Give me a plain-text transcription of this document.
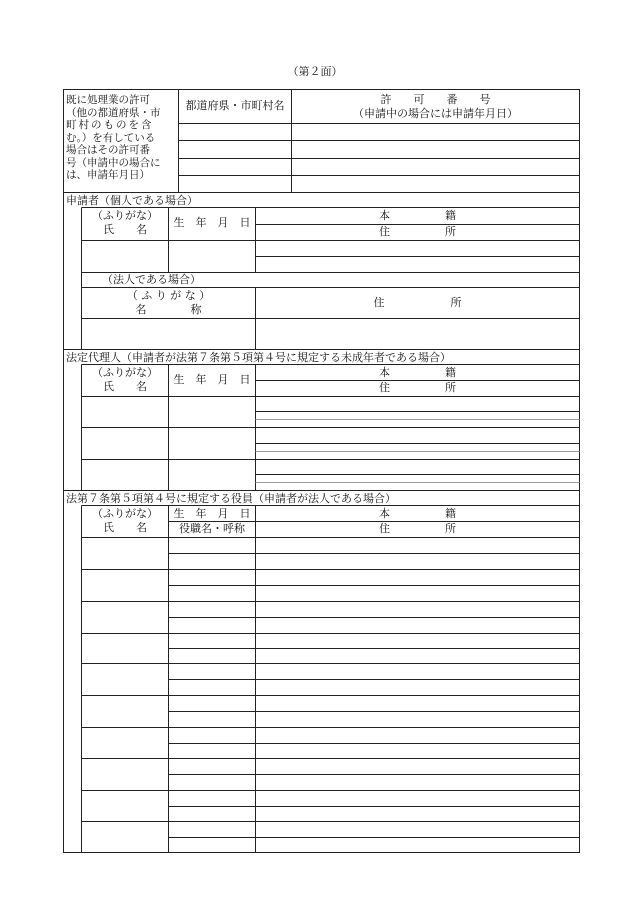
（第２面）
既に処理業の許可
（他の都道府県・市
町村のものを含
む。）を有している
場合はその許可番
号（申請中の場合に
は、申請年月日）
都道府県・市町村名	許　　可　　番　　号
（申請中の場合には申請年月日）
申請者（個人である場合）
（ふりがな）
氏　　名
生　年　月　日
本　　　　　籍
住　　　　　所
（法人である場合）
（ ふ り が な ）
名　　　　称
住　　　　　　所
法定代理人（申請者が法第７条第５項第４号に規定する未成年者である場合）
（ふりがな）
氏　　名
生　年　月　日
本　　　　　籍
住　　　　　所
法第７条第５項第４号に規定する役員（申請者が法人である場合）
（ふりがな）
氏　　名
生　年　月　日
役職名・呼称
本　　　　　籍
住　　　　　所
